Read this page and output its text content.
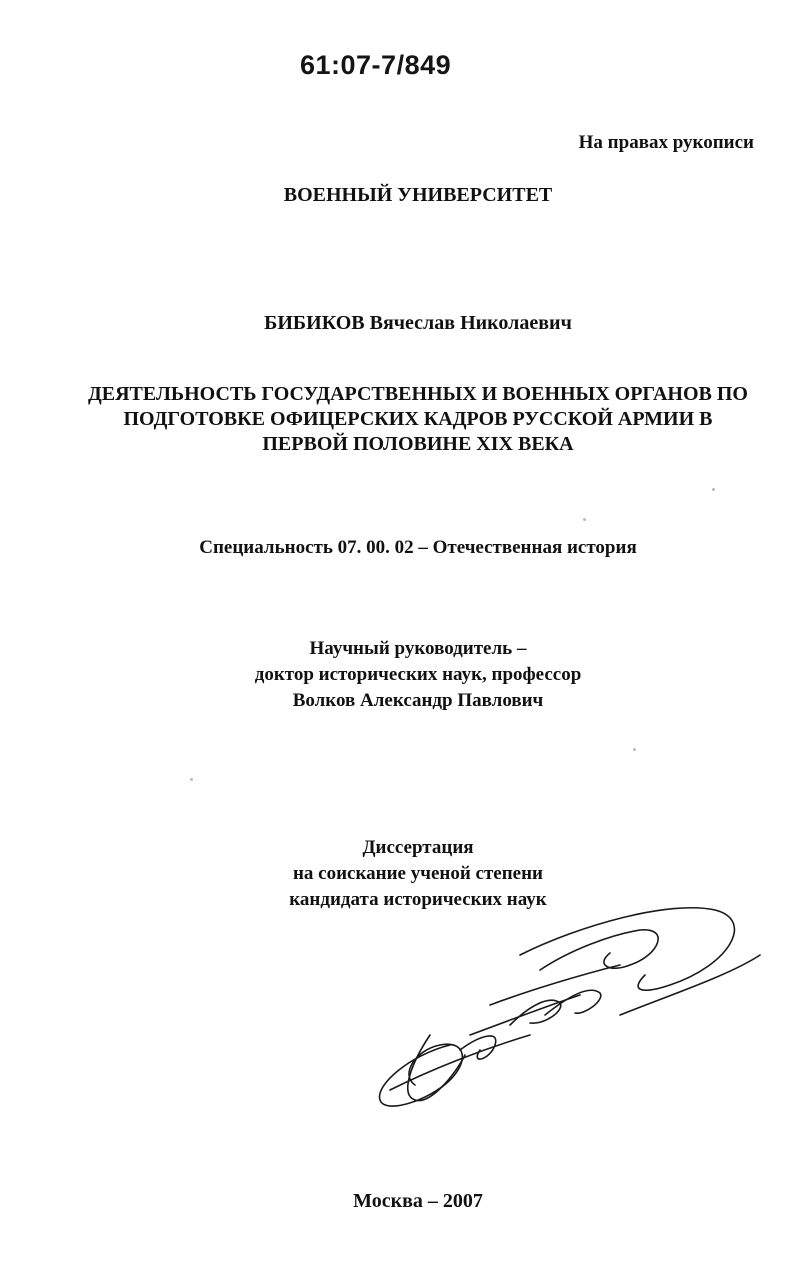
61:07-7/849
На правах рукописи
ВОЕННЫЙ УНИВЕРСИТЕТ
БИБИКОВ Вячеслав Николаевич
ДЕЯТЕЛЬНОСТЬ ГОСУДАРСТВЕННЫХ И ВОЕННЫХ ОРГАНОВ ПО
ПОДГОТОВКЕ ОФИЦЕРСКИХ КАДРОВ РУССКОЙ АРМИИ В
ПЕРВОЙ ПОЛОВИНЕ XIX ВЕКА
Специальность 07. 00. 02 – Отечественная история
Научный руководитель –
доктор исторических наук, профессор
Волков Александр Павлович
Диссертация
на соискание ученой степени
кандидата исторических наук
Москва – 2007
